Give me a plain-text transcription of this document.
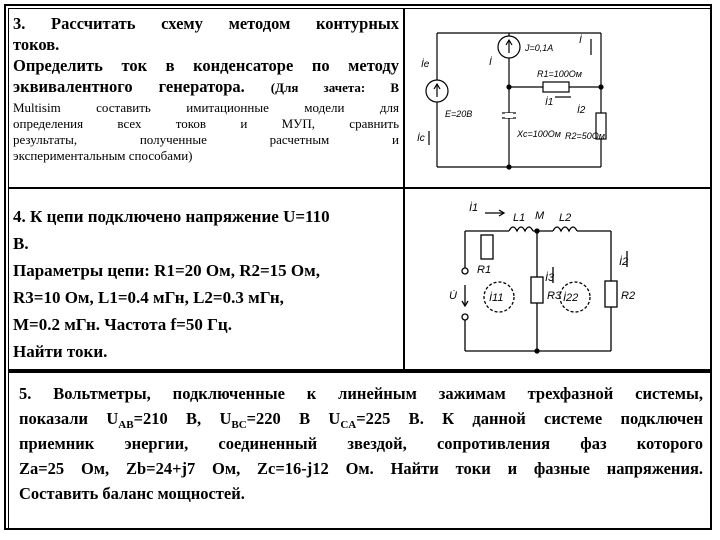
3. Рассчитать схему методом контурных
токов.
Определить ток в конденсаторе по методу
эквивалентного генератора. (Для зачета: В
Multisim составить имитационные модели для
определения всех токов и МУП, сравнить
результаты, полученные расчетным и
экспериментальным способами)
İe
E=20B
İc
J=0,1A
İ
Xc=100Ом
R1=100Ом
İ1
R2=50Ом
İ2
İ
4. К цепи подключено напряжение U=110
В.
Параметры цепи: R1=20 Ом, R2=15 Ом,
R3=10 Ом, L1=0.4 мГн, L2=0.3 мГн,
M=0.2 мГн. Частота f=50 Гц.
Найти токи.
İ1
L1 M L2
R1
U̇	İ11
İ3
R3 İ22
İ2
R2
5. Вольтметры, подключенные к линейным зажимам трехфазной системы,
показали $U_{AB}=210$ В, $U_{BC}=220$ В $U_{CA}=225$ В. К данной системе подключен
приемник энергии, соединенный звездой, сопротивления фаз которого
Za=25 Ом, Zb=24+j7 Ом, Zc=16-j12 Ом. Найти токи и фазные напряжения.
Составить баланс мощностей.
